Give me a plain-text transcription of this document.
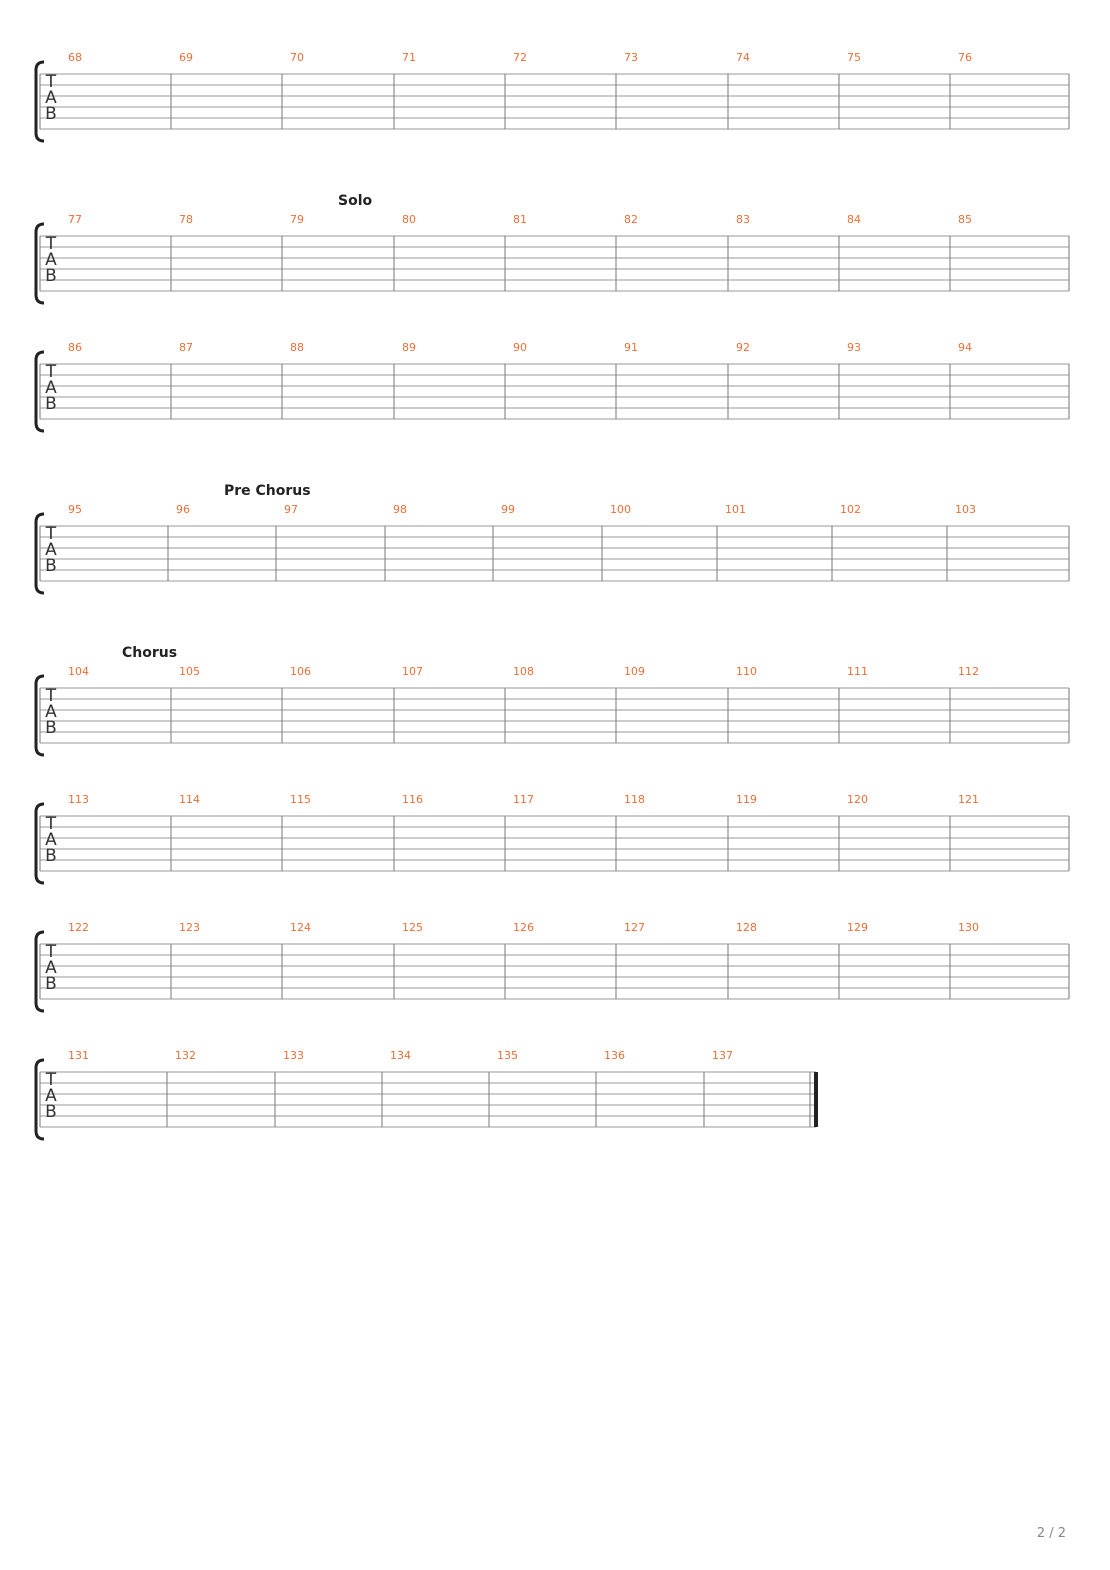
68	69	70	71	72	73	74	75	76
T
A
B
Solo
77	78	79	80	81	82	83	84	85
T
A
B
86	87	88	89	90	91	92	93	94
T
A
B
Pre Chorus
95	96	97	98	99	100	101	102	103
T
A
B
Chorus
104	105	106	107	108	109	110	111	112
T
A
B
113	114	115	116	117	118	119	120	121
T
A
B
122	123	124	125	126	127	128	129	130
T
A
B
131	132	133	134	135	136	137
T
A
B
2 / 2
